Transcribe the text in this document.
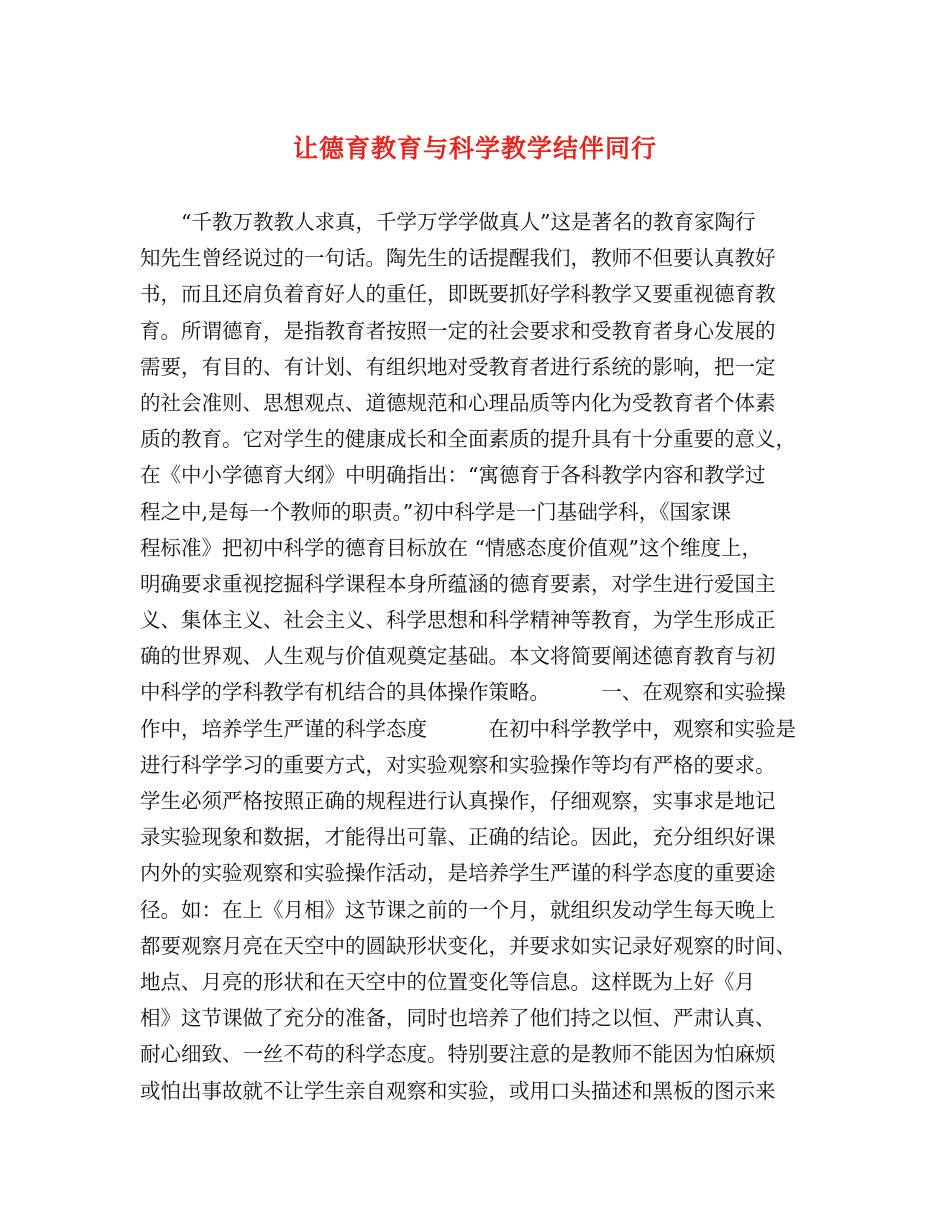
让德育教育与科学教学结伴同行
　　“千教万教教人求真，千学万学学做真人”这是著名的教育家陶行
知先生曾经说过的一句话。陶先生的话提醒我们，教师不但要认真教好
书，而且还肩负着育好人的重任，即既要抓好学科教学又要重视德育教
育。所谓德育，是指教育者按照一定的社会要求和受教育者身心发展的
需要，有目的、有计划、有组织地对受教育者进行系统的影响，把一定
的社会准则、思想观点、道德规范和心理品质等内化为受教育者个体素
质的教育。它对学生的健康成长和全面素质的提升具有十分重要的意义，
在《中小学德育大纲》中明确指出：“寓德育于各科教学内容和教学过
程之中,是每一个教师的职责。”初中科学是一门基础学科，《国家课
程标准》把初中科学的德育目标放在 “情感态度价值观”这个维度上，
明确要求重视挖掘科学课程本身所蕴涵的德育要素，对学生进行爱国主
义、集体主义、社会主义、科学思想和科学精神等教育，为学生形成正
确的世界观、人生观与价值观奠定基础。本文将简要阐述德育教育与初
中科学的学科教学有机结合的具体操作策略。　　　一、在观察和实验操
作中，培养学生严谨的科学态度　　　在初中科学教学中，观察和实验是
进行科学学习的重要方式，对实验观察和实验操作等均有严格的要求。
学生必须严格按照正确的规程进行认真操作，仔细观察，实事求是地记
录实验现象和数据，才能得出可靠、正确的结论。因此，充分组织好课
内外的实验观察和实验操作活动，是培养学生严谨的科学态度的重要途
径。如：在上《月相》这节课之前的一个月，就组织发动学生每天晚上
都要观察月亮在天空中的圆缺形状变化，并要求如实记录好观察的时间、
地点、月亮的形状和在天空中的位置变化等信息。这样既为上好《月
相》这节课做了充分的准备，同时也培养了他们持之以恒、严肃认真、
耐心细致、一丝不苟的科学态度。特别要注意的是教师不能因为怕麻烦
或怕出事故就不让学生亲自观察和实验，或用口头描述和黑板的图示来
